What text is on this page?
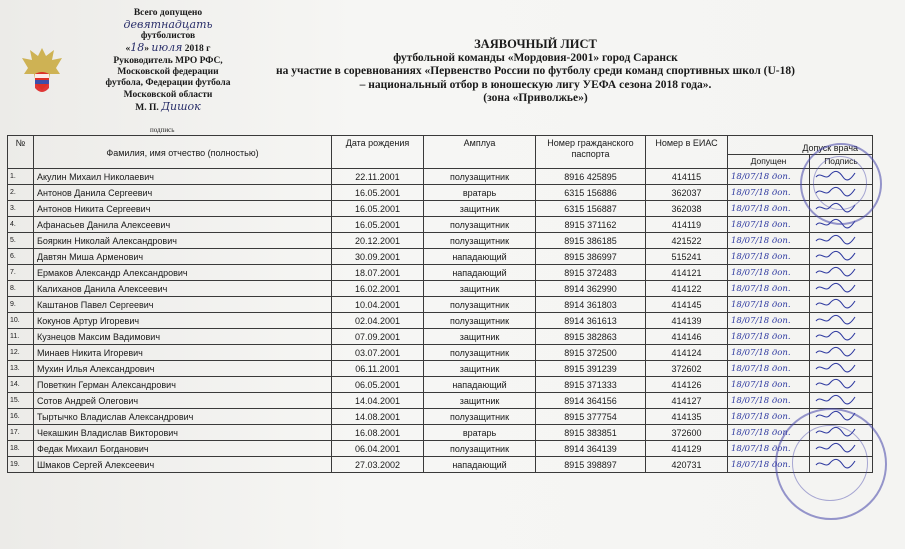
Всего допущено
девятнадцать
футболистов
«18» июля 2018 г
Руководитель МРО РФС,
Московской федерации
футбола, Федерации футбола
Московской области
М. П. Дишок
подпись
ЗАЯВОЧНЫЙ ЛИСТ
футбольной команды «Мордовия-2001» город Саранск
на участие в соревнованиях «Первенство России по футболу среди команд спортивных школ (U-18)
– национальный отбор в юношескую лигу УЕФА сезона 2018 года».
(зона «Приволжье»)
№	Фамилия, имя отчество (полностью)	Дата рождения	Амплуа	Номер гражданского паспорта	Номер в ЕИАС	Допуск врача	
						Допущен	Подпись
1.	Акулин Михаил Николаевич	22.11.2001	полузащитник	8916 425895	414115	18/07/18 доп.	
2.	Антонов Данила Сергеевич	16.05.2001	вратарь	6315 156886	362037	18/07/18 доп.	
3.	Антонов Никита Сергеевич	16.05.2001	защитник	6315 156887	362038	18/07/18 доп.	
4.	Афанасьев Данила Алексеевич	16.05.2001	полузащитник	8915 371162	414119	18/07/18 доп.	
5.	Бояркин Николай Александрович	20.12.2001	полузащитник	8915 386185	421522	18/07/18 доп.	
6.	Давтян Миша Арменович	30.09.2001	нападающий	8915 386997	515241	18/07/18 доп.	
7.	Ермаков Александр Александрович	18.07.2001	нападающий	8915 372483	414121	18/07/18 доп.	
8.	Калиханов Данила Алексеевич	16.02.2001	защитник	8914 362990	414122	18/07/18 доп.	
9.	Каштанов Павел Сергеевич	10.04.2001	полузащитник	8914 361803	414145	18/07/18 доп.	
10.	Кокунов Артур Игоревич	02.04.2001	полузащитник	8914 361613	414139	18/07/18 доп.	
11.	Кузнецов Максим Вадимович	07.09.2001	защитник	8915 382863	414146	18/07/18 доп.	
12.	Минаев Никита Игоревич	03.07.2001	полузащитник	8915 372500	414124	18/07/18 доп.	
13.	Мухин Илья Александрович	06.11.2001	защитник	8915 391239	372602	18/07/18 доп.	
14.	Поветкин Герман Александрович	06.05.2001	нападающий	8915 371333	414126	18/07/18 доп.	
15.	Сотов Андрей Олегович	14.04.2001	защитник	8914 364156	414127	18/07/18 доп.	
16.	Тыртычко Владислав Александрович	14.08.2001	полузащитник	8915 377754	414135	18/07/18 доп.	
17.	Чекашкин Владислав Викторович	16.08.2001	вратарь	8915 383851	372600	18/07/18 доп.	
18.	Федак Михаил Богданович	06.04.2001	полузащитник	8914 364139	414129	18/07/18 доп.	
19.	Шмаков Сергей Алексеевич	27.03.2002	нападающий	8915 398897	420731	18/07/18 доп.	
